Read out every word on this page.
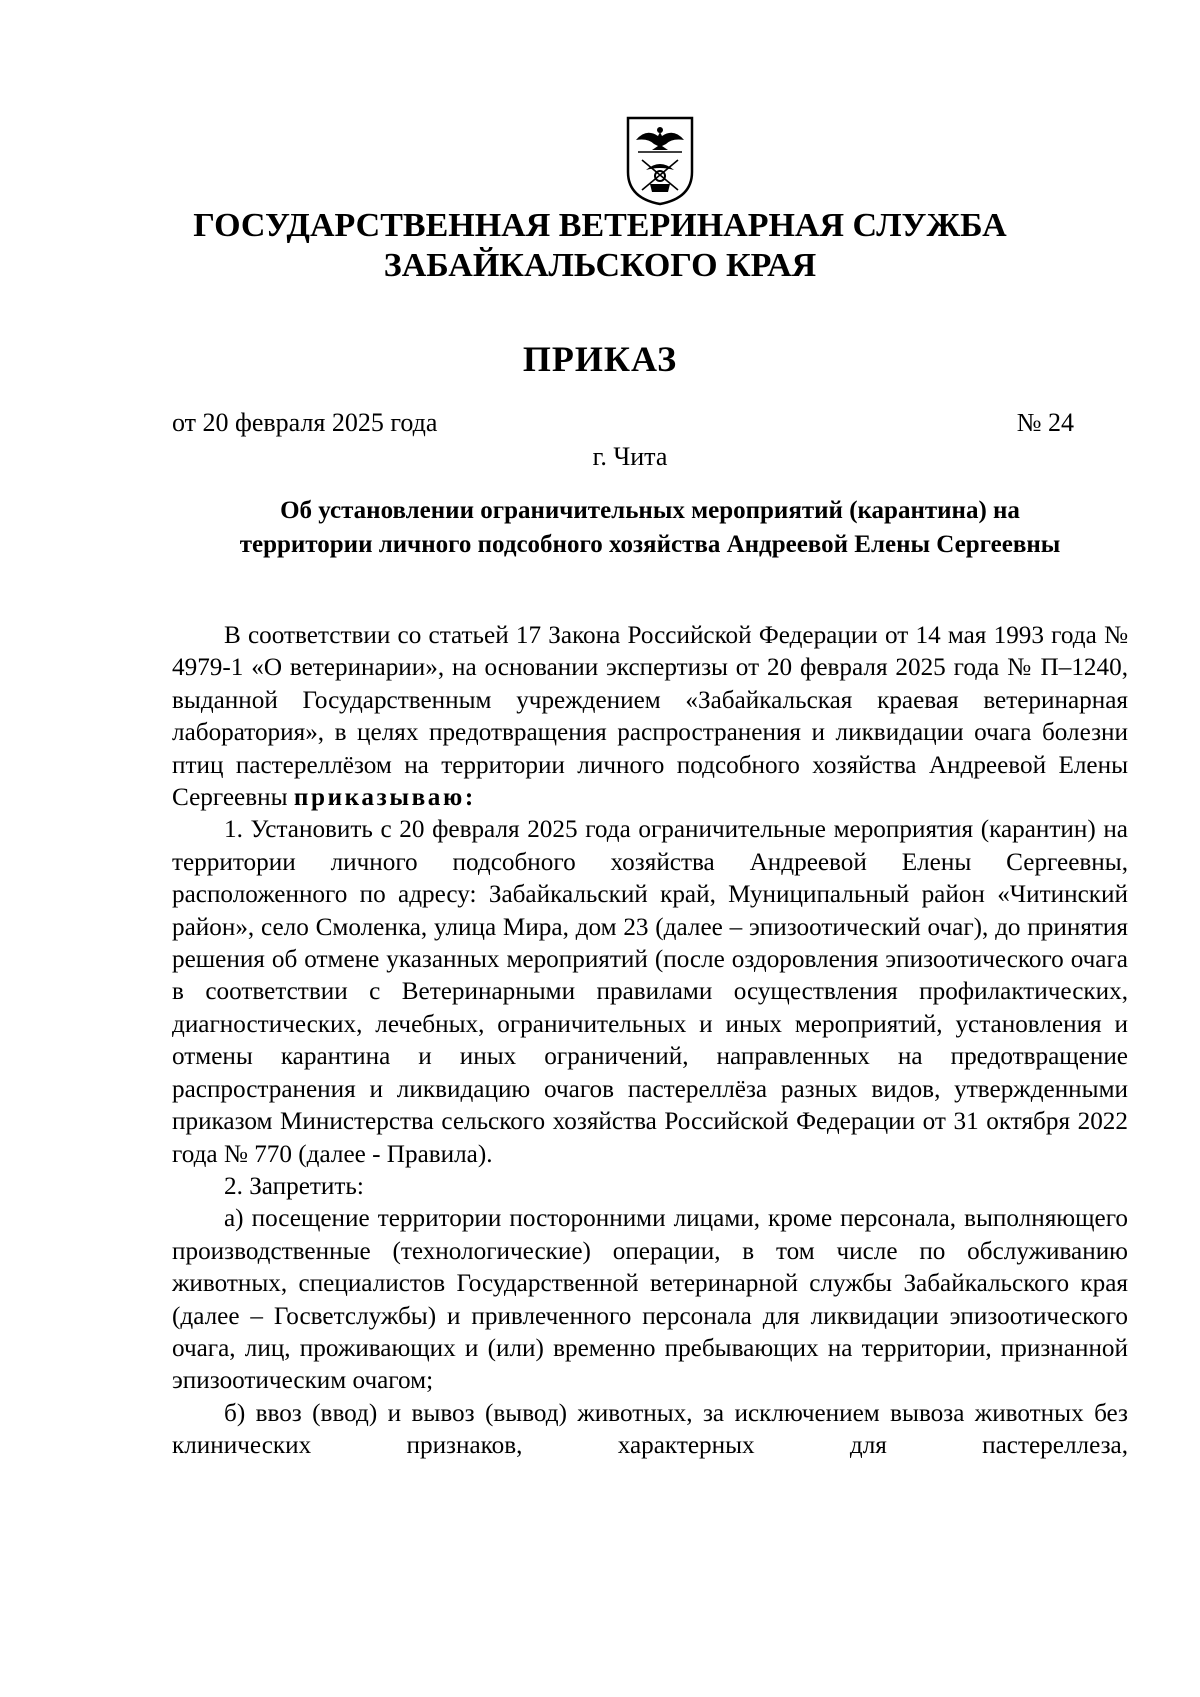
ГОСУДАРСТВЕННАЯ ВЕТЕРИНАРНАЯ СЛУЖБА
ЗАБАЙКАЛЬСКОГО КРАЯ
ПРИКАЗ
от 20 февраля 2025 года	№ 24
г. Чита
Об установлении ограничительных мероприятий (карантина) на
территории личного подсобного хозяйства Андреевой Елены Сергеевны

В соответствии со статьей 17 Закона Российской Федерации от 14 мая 1993 года № 4979-1 «О ветеринарии», на основании экспертизы от 20 февраля 2025 года № П–1240, выданной Государственным учреждением «Забайкальская краевая ветеринарная лаборатория», в целях предотвращения распространения и ликвидации очага болезни птиц пастереллёзом на территории личного подсобного хозяйства Андреевой Елены Сергеевны приказываю:

1. Установить с 20 февраля 2025 года ограничительные мероприятия (карантин) на территории личного подсобного хозяйства Андреевой Елены Сергеевны, расположенного по адресу: Забайкальский край, Муниципальный район «Читинский район», село Смоленка, улица Мира, дом 23 (далее – эпизоотический очаг), до принятия решения об отмене указанных мероприятий (после оздоровления эпизоотического очага в соответствии с Ветеринарными правилами осуществления профилактических, диагностических, лечебных, ограничительных и иных мероприятий, установления и отмены карантина и иных ограничений, направленных на предотвращение распространения и ликвидацию очагов пастереллёза разных видов, утвержденными приказом Министерства сельского хозяйства Российской Федерации от 31 октября 2022 года № 770 (далее - Правила).

2. Запретить:

а) посещение территории посторонними лицами, кроме персонала, выполняющего производственные (технологические) операции, в том числе по обслуживанию животных, специалистов Государственной ветеринарной службы Забайкальского края (далее – Госветслужбы) и привлеченного персонала для ликвидации эпизоотического очага, лиц, проживающих и (или) временно пребывающих на территории, признанной эпизоотическим очагом;

б) ввоз (ввод) и вывоз (вывод) животных, за исключением вывоза животных без клинических признаков, характерных для пастереллеза,
